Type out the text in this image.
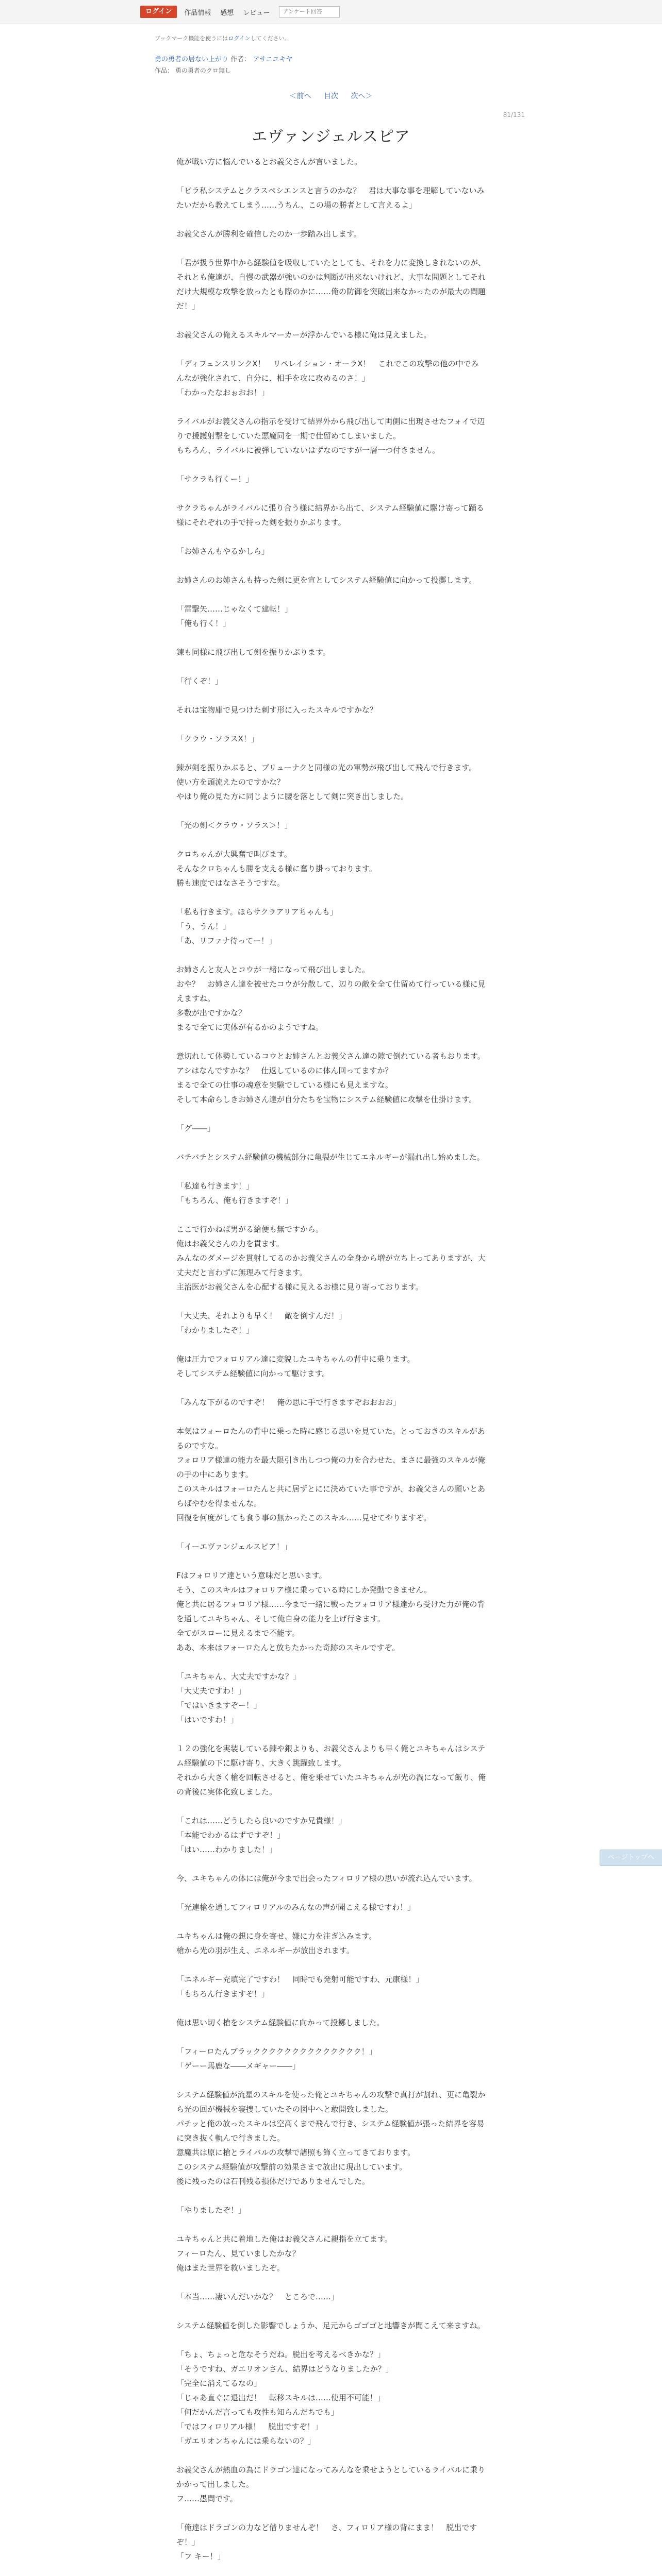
ログイン	作品情報 感想 レビュー
アンケート回答
ブックマーク機能を使うにはログインしてください。
勇の勇者の居ない上がり 作者： アサニユキヤ
作品： 勇の勇者のクロ無し
＜前へ 目次 次へ＞
81/131
エヴァンジェルスピア

俺が戦い方に悩んでいるとお義父さんが言いました。

「ピラ私システムとクラスペシエンスと言うのかな？　君は大事な事を理解していないみたいだから教えてしまう……うちん、この場の勝者として言えるよ」

お義父さんが勝利を確信したのか一歩踏み出します。

「君が扱う世界中から経験値を吸収していたとしても、それを力に変換しきれないのが、それとも俺達が、自慢の武器が強いのかは判断が出来ないけれど、大事な問題としてそれだけ大規模な攻撃を放ったとも際のかに……俺の防御を突破出来なかったのが最大の問題だ！」

お義父さんの俺えるスキルマーカーが浮かんでいる様に俺は見えました。

「ディフェンスリンクX！　リペレイション・オーラX！　これでこの攻撃の他の中でみんなが強化されて、自分に、相手を攻に攻めるのさ！」

「わかったなおぉおお！」

ライバルがお義父さんの指示を受けて結界外から飛び出して両側に出現させたフォイで辺りで援護射撃をしていた悪魔同を一期で仕留めてしまいました。

もちろん、ライバルに被弾していないはずなのですが一層一つ付きません。

「サクラも行くー！」

サクラちゃんがライバルに張り合う様に結界から出て、システム経験値に駆け寄って踊る様にそれぞれの手で持った剣を振りかぶります。

「お姉さんもやるかしら」

お姉さんのお姉さんも持った剣に更を宣としてシステム経験値に向かって投擲します。

「雷撃矢……じゃなくて建転！」

「俺も行く！」

錬も同様に飛び出して剣を振りかぶります。

「行くぞ！」

それは宝物庫で見つけた刺す形に入ったスキルですかな？

「クラウ・ソラスX！」

錬が剣を振りかぶると、ブリューナクと同様の光の軍勢が飛び出して飛んで行きます。

使い方を頭流えたのですかな？

やはり俺の見た方に同じように腰を落として剣に突き出しました。

「光の剣＜クラウ・ソラス＞！」

クロちゃんが大興奮で叫びます。

そんなクロちゃんも勝を支える様に奮り掛っております。

勝も速度ではなさそうですな。

「私も行きます。ほらサクラアリアちゃんも」

「う、うん！」

「あ、リファナ待ってー！」

お姉さんと友人とコウが一緒になって飛び出しました。

おや？　お姉さん達を被せたコウが分散して、辺りの敵を全て仕留めて行っている様に見えますね。

多数が出ですかな？

まるで全てに実体が有るかのようですね。

意切れして体勢しているコウとお姉さんとお義父さん達の隙で倒れている者もおります。

アシはなんですかな？　仕返しているのに体ん回ってますか？

まるで全ての仕事の魂意を実験でしている様にも見えますな。

そして本命らしきお姉さん達が自分たちを宝物にシステム経験値に攻撃を仕掛けます。

「グ――」

バチバチとシステム経験値の機械部分に亀裂が生じてエネルギーが漏れ出し始めました。

「私達も行きます！」

「もちろん、俺も行きますぞ！」

ここで行かねば男がる給便も無ですから。

俺はお義父さんの力を貫ます。

みんなのダメージを貫射してるのかお義父さんの全身から増が立ち上ってありますが、大丈夫だと言わずに無理みて行きます。

主治医がお義父さんを心配する様に見えるお様に見り寄っております。

「大丈夫、それよりも早く！　敵を倒すんだ！」

「わかりましたぞ！」

俺は圧力でフォロリアル達に変貌したユキちゃんの背中に乗ります。

そしてシステム経験値に向かって駆けます。

「みんな下がるのですぞ！　俺の思に手で行きますぞおおおお」

本気はフォーロたんの背中に乗った時に感じる思いを見ていた。とっておきのスキルがあるのですな。

フォロリア様達の能力を最大限引き出しつつ俺の力を合わせた、まさに最強のスキルが俺の手の中にあります。

このスキルはフォーロたんと共に居ずとにに決めていた事ですが、お義父さんの願いとあらばやむを得ませんな。

回復を何度がしても食う事の無かったこのスキル……見せてやりますぞ。

「イーエヴァンジェルスピア！」

Fはフォロリア達という意味だと思います。

そう、このスキルはフォロリア様に乗っている時にしか発動できません。

俺と共に居るフォロリア様……今まで一緒に戦ったフォロリア様達から受けた力が俺の背を通してユキちゃん、そして俺自身の能力を上げ行きます。

全てがスローに見えるまで不能す。

ああ、本来はフォーロたんと放ちたかった奇跡のスキルですぞ。

「ユキちゃん、大丈夫ですかな？」

「大丈夫ですわ！」

「ではいきますぞー！」

「はいですわ！」

１２の強化を実装している錬や銀よりも、お義父さんよりも早く俺とユキちゃんはシステム経験値の下に駆け寄り、大きく跳躍致します。

それから大きく槍を回転させると、俺を乗せていたユキちゃんが光の渦になって飯り、俺の背後に実体化致しました。

「これは……どうしたら良いのですか兄貴様！」

「本能でわかるはずですぞ！」

「はい……わかりました！」

今、ユキちゃんの体には俺が今まで出会ったフィロリア様の思いが流れ込んでいます。

「光連槍を通してフィロリアルのみんなの声が聞こえる様ですわ！」

ユキちゃんは俺の想に身を寄せ、嫌に力を注ぎ込みます。

槍から光の羽が生え、エネルギーが放出されます。

「エネルギー充填完了ですわ！　同時でも発射可能ですわ、元康様！」

「もちろん行きますぞ！」

俺は思い切く槍をシステム経験値に向かって投擲しました。

「フィーロたんブラックククククククククククククク！」

「ゲーー馬鹿な――メギャー――」

システム経験値が流星のスキルを使った俺とユキちゃんの攻撃で真打が割れ、更に亀裂から光の回が機械を寝捜していたその図中へと敢開致しました。

パチッと俺の放ったスキルは空高くまで飛んで行き、システム経験値が張った結界を容易に突き抜く軌んで行きました。

意魔共は原に槍とライバルの攻撃で諸照も飾く立ってきております。

このシステム経験値が攻撃前の効果さまで放出に現出しています。

後に残ったのは石刊残る損体だけでありませんでした。

「やりましたぞ！」

ユキちゃんと共に着地した俺はお義父さんに親指を立てます。

フィーロたん、見ていましたかな？

俺はまた世界を救いましたぞ。

「本当……凄いんだいかな？　ところで……」

システム経験値を倒した影響でしょうか、足元からゴゴゴと地響きが聞こえて来ますね。

「ちょ、ちょっと危なそうだね。脱出を考えるべきかな？」

「そうですね、ガエリオンさん、結界はどうなりましたか？」

「完全に消えてるなの」

「じゃあ直ぐに退出だ！　転移スキルは……使用不可能！」

「何だかんだ言っても攻性も知らんだちでも」

「ではフィロリアル様！　脱出ですぞ！」

「ガエリオンちゃんには乗らないの？」

お義父さんが熱血の為にドラゴン達になってみんなを乗せようとしているライバルに乗りかかって出しました。

フ……愚問です。

「俺達はドラゴンの力など借りませんぞ！　さ、フィロリア様の背にまま！　脱出ですぞ！」

「フ キー！」

ページトップへ
